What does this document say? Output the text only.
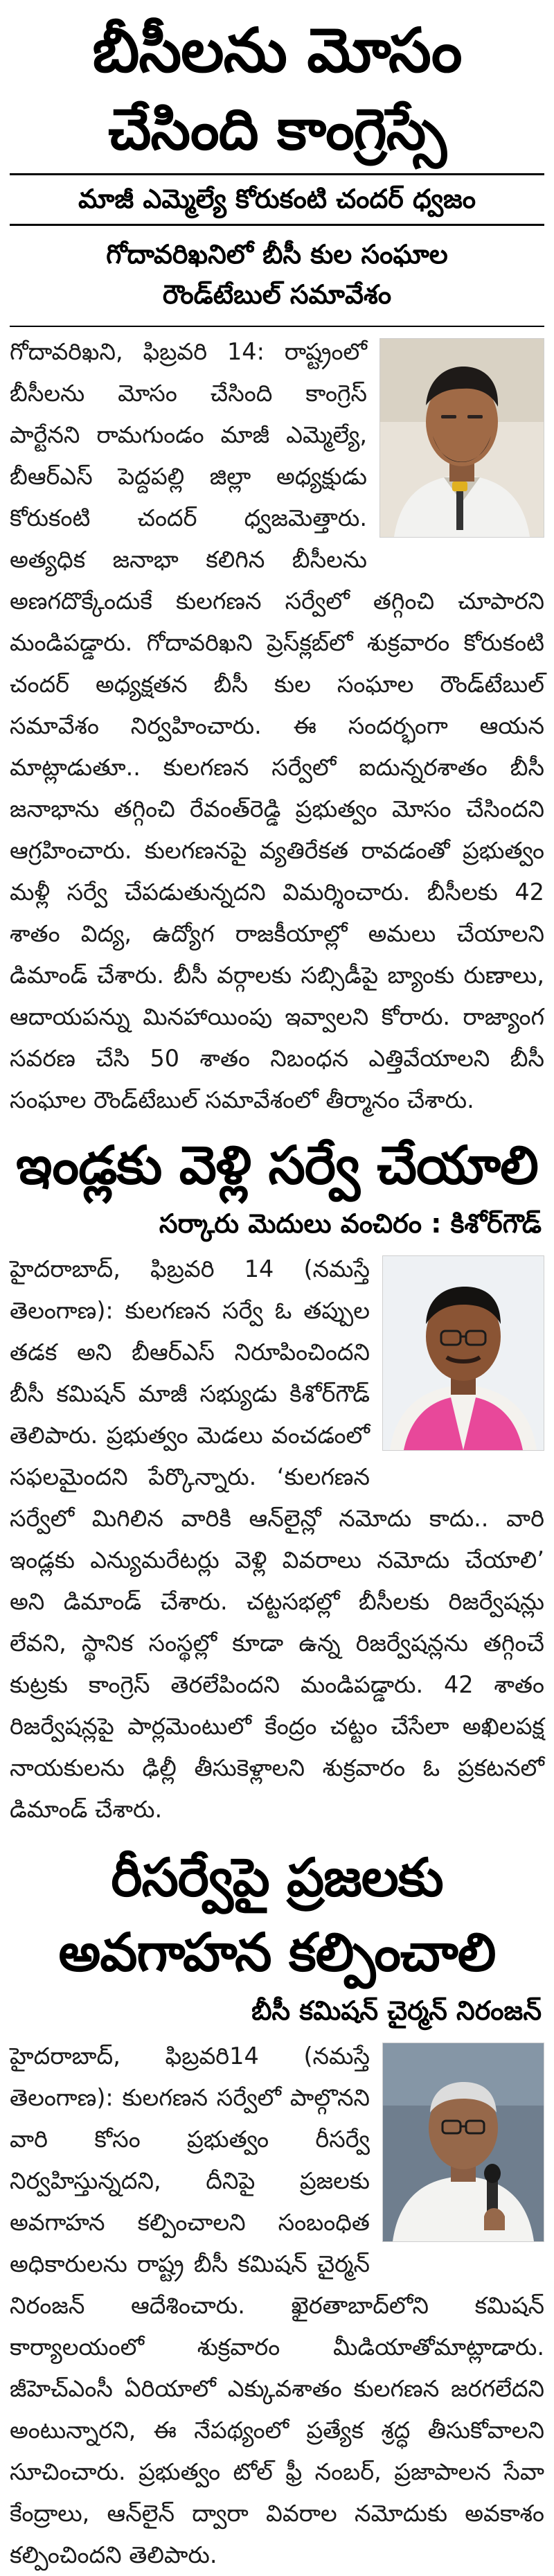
బీసీలను మోసం
చేసింది కాంగ్రెస్సే
మాజీ ఎమ్మెల్యే కోరుకంటి చందర్ ధ్వజం
గోదావరిఖనిలో బీసీ కుల సంఘాల
రౌండ్‌టేబుల్ సమావేశం

గోదావరిఖని, ఫిబ్రవరి 14: రాష్ట్రంలో బీసీలను మోసం చేసింది కాంగ్రెస్ పార్టేనని రామగుండం మాజీ ఎమ్మెల్యే, బీఆర్‌ఎస్ పెద్దపల్లి జిల్లా అధ్యక్షుడు కోరుకంటి చందర్ ధ్వజమెత్తారు. అత్యధిక జనాభా కలిగిన బీసీలను అణగదొక్కేందుకే కులగణన సర్వేలో తగ్గించి చూపారని మండిపడ్డారు. గోదావరిఖని ప్రెస్‌క్లబ్‌లో శుక్రవారం కోరుకంటి చందర్ అధ్యక్షతన బీసీ కుల సంఘాల రౌండ్‌టేబుల్ సమావేశం నిర్వహించారు. ఈ సందర్భంగా ఆయన మాట్లాడుతూ.. కులగణన సర్వేలో ఐదున్నరశాతం బీసీ జనాభాను తగ్గించి రేవంత్‌రెడ్డి ప్రభుత్వం మోసం చేసిందని ఆగ్రహించారు. కులగణనపై వ్యతిరేకత రావడంతో ప్రభుత్వం మళ్లీ సర్వే చేపడుతున్నదని విమర్శించారు. బీసీలకు 42 శాతం విద్య, ఉద్యోగ రాజకీయాల్లో అమలు చేయాలని డిమాండ్ చేశారు. బీసీ వర్గాలకు సబ్సిడీపై బ్యాంకు రుణాలు, ఆదాయపన్ను మినహాయింపు ఇవ్వాలని కోరారు. రాజ్యాంగ సవరణ చేసి 50 శాతం నిబంధన ఎత్తివేయాలని బీసీ సంఘాల రౌండ్‌టేబుల్ సమావేశంలో తీర్మానం చేశారు.

ఇండ్లకు వెళ్లి సర్వే చేయాలి
సర్కారు మెదులు వంచిరం : కిశోర్‌గౌడ్

హైదరాబాద్, ఫిబ్రవరి 14 (నమస్తే తెలంగాణ): కులగణన సర్వే ఓ తప్పుల తడక అని బీఆర్‌ఎస్ నిరూపించిందని బీసీ కమిషన్ మాజీ సభ్యుడు కిశోర్‌గౌడ్ తెలిపారు. ప్రభుత్వం మెడలు వంచడంలో సఫలమైందని పేర్కొన్నారు. ‘కులగణన సర్వేలో మిగిలిన వారికి ఆన్‌లైన్లో నమోదు కాదు.. వారి ఇండ్లకు ఎన్యుమరేటర్లు వెళ్లి వివరాలు నమోదు చేయాలి’ అని డిమాండ్ చేశారు. చట్టసభల్లో బీసీలకు రిజర్వేషన్లు లేవని, స్థానిక సంస్థల్లో కూడా ఉన్న రిజర్వేషన్లను తగ్గించే కుట్రకు కాంగ్రెస్ తెరలేపిందని మండిపడ్డారు. 42 శాతం రిజర్వేషన్లపై పార్లమెంటులో కేంద్రం చట్టం చేసేలా అఖిలపక్ష నాయకులను ఢిల్లీ తీసుకెళ్లాలని శుక్రవారం ఓ ప్రకటనలో డిమాండ్ చేశారు.

రీసర్వేపై ప్రజలకు
అవగాహన కల్పించాలి
బీసీ కమిషన్ చైర్మన్ నిరంజన్

హైదరాబాద్, ఫిబ్రవరి14 (నమస్తే తెలంగాణ): కులగణన సర్వేలో పాల్గొనని వారి కోసం ప్రభుత్వం రీసర్వే నిర్వహిస్తున్నదని, దీనిపై ప్రజలకు అవగాహన కల్పించాలని సంబంధిత అధికారులను రాష్ట్ర బీసీ కమిషన్ చైర్మన్ నిరంజన్ ఆదేశించారు. ఖైరతాబాద్‌లోని కమిషన్ కార్యాలయంలో శుక్రవారం మీడియాతోమాట్లాడారు. జీహెచ్‌ఎంసీ ఏరియాలో ఎక్కువశాతం కులగణన జరగలేదని అంటున్నారని, ఈ నేపథ్యంలో ప్రత్యేక శ్రద్ధ తీసుకోవాలని సూచించారు. ప్రభుత్వం టోల్ ఫ్రీ నంబర్, ప్రజాపాలన సేవా కేంద్రాలు, ఆన్‌లైన్ ద్వారా వివరాల నమోదుకు అవకాశం కల్పించిందని తెలిపారు.
